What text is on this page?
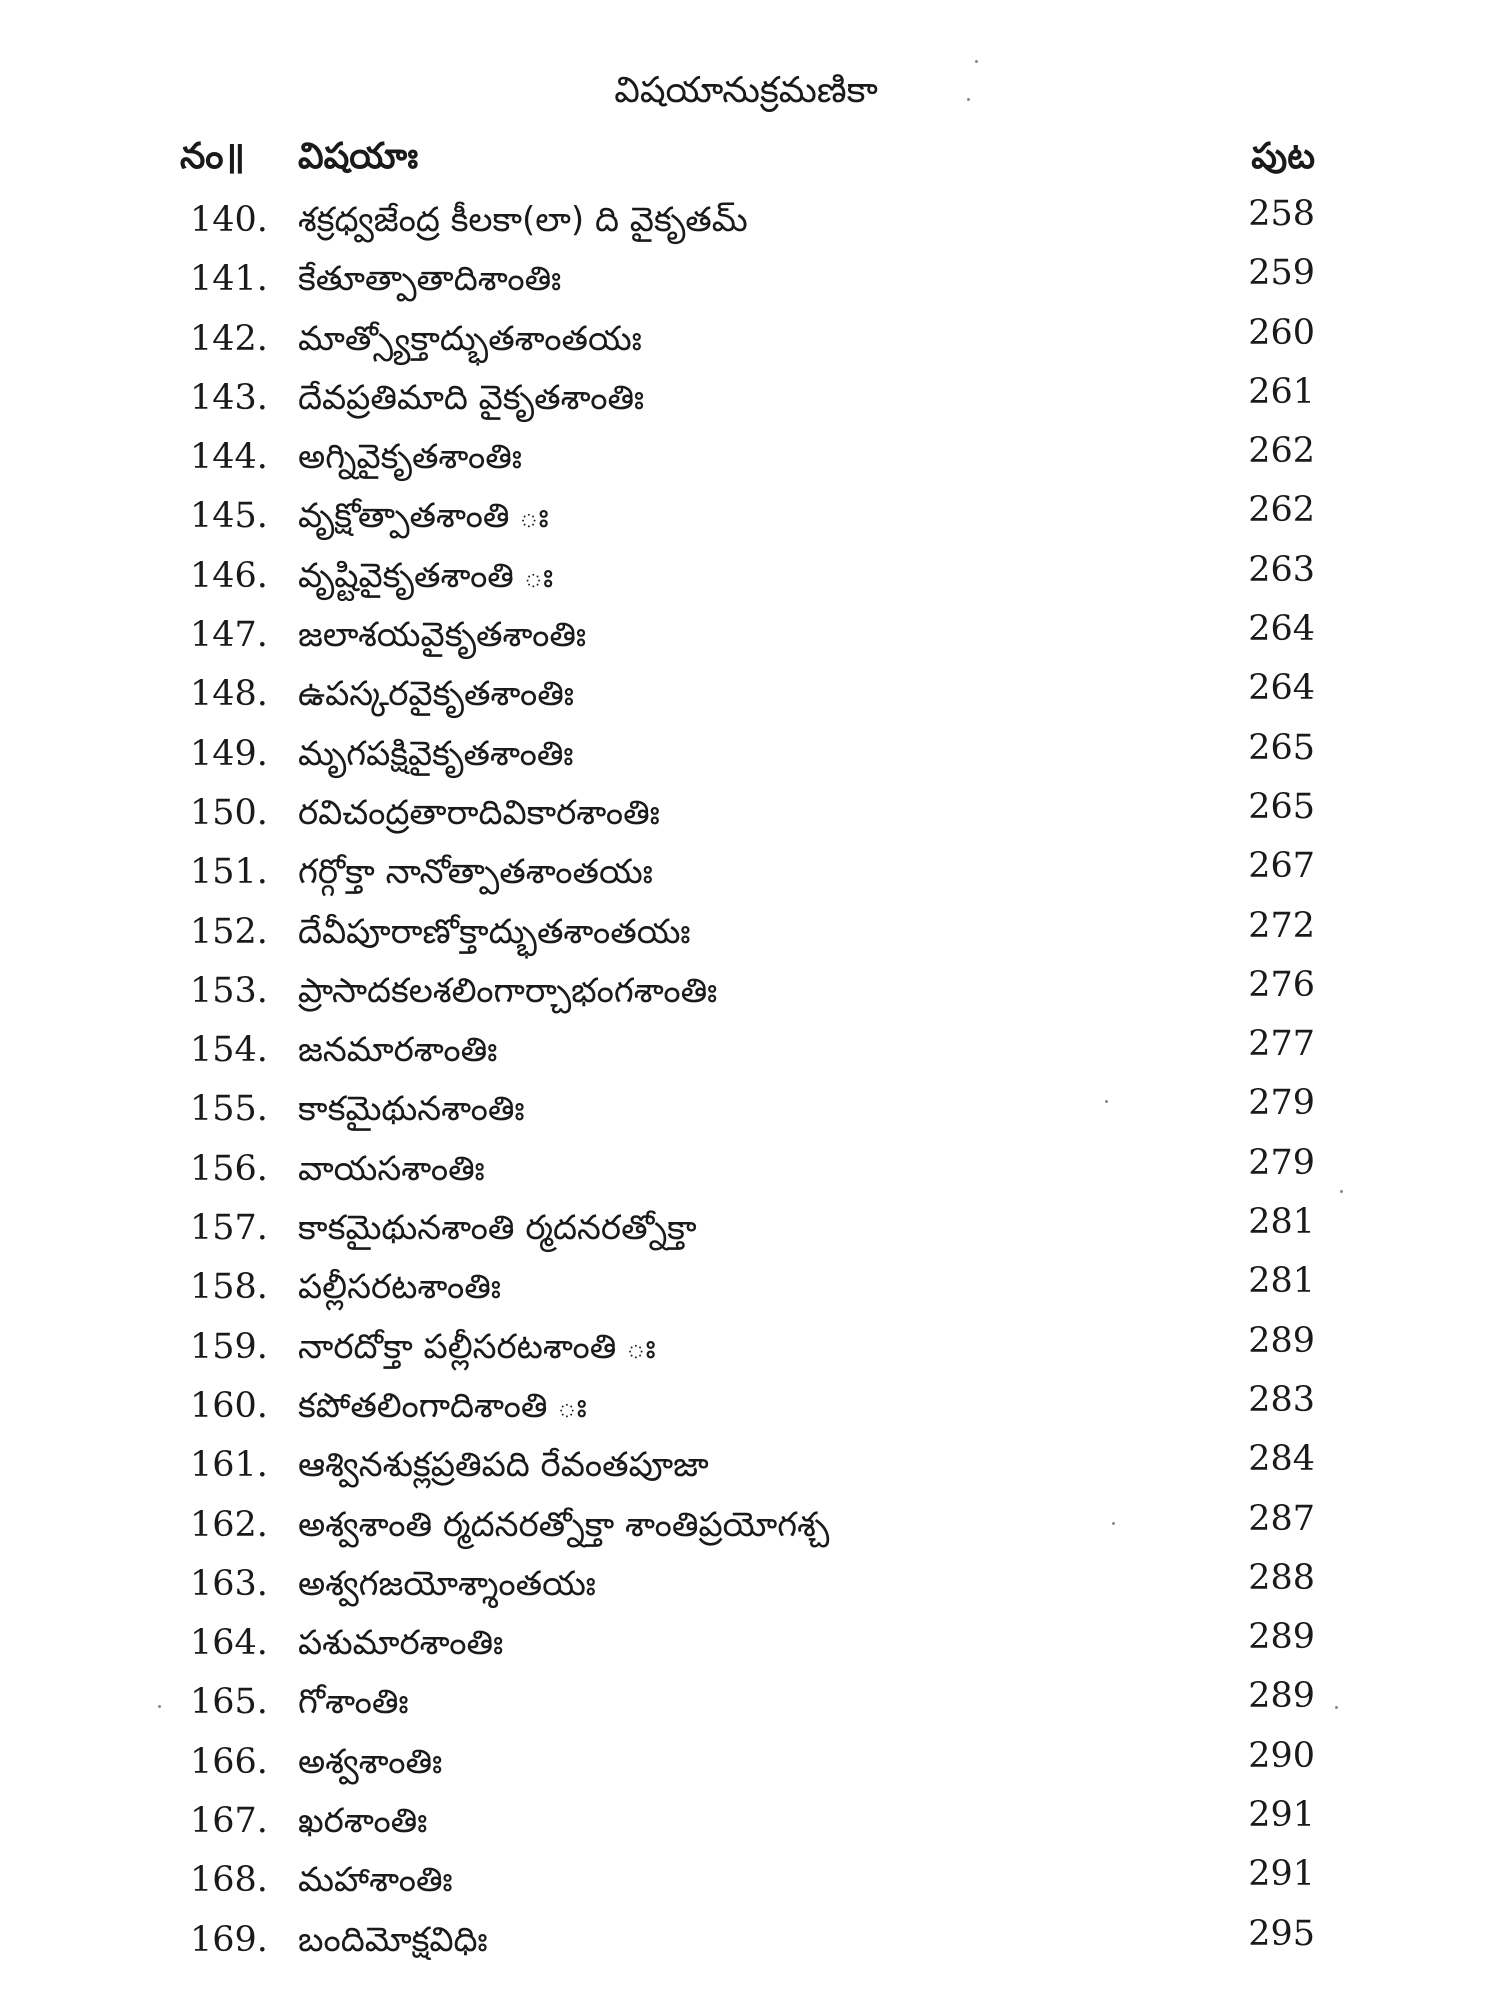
విషయానుక్రమణికా
నం॥ విషయాః	పుట
140. శక్రధ్వజేంద్ర కీలకా(లా) ది వైకృతమ్	258
141. కేతూత్పాతాదిశాంతిః	259
142. మాత్స్యోక్తాద్భుతశాంతయః	260
143. దేవప్రతిమాది వైకృతశాంతిః	261
144. అగ్నివైకృతశాంతిః	262
145. వృక్షోత్పాతశాంతి ః	262
146. వృష్టివైకృతశాంతి ః	263
147. జలాశయవైకృతశాంతిః	264
148. ఉపస్కరవైకృతశాంతిః	264
149. మృగపక్షివైకృతశాంతిః	265
150. రవిచంద్రతారాదివికారశాంతిః	265
151. గర్గోక్తా నానోత్పాతశాంతయః	267
152. దేవీపూరాణోక్తాద్భుతశాంతయః	272
153. ప్రాసాదకలశలింగార్చాభంగశాంతిః	276
154. జనమారశాంతిః	277
155. కాకమైథునశాంతిః	279
156. వాయసశాంతిః	279
157. కాకమైథునశాంతి ర్మదనరత్నోక్తా	281
158. పల్లీసరటశాంతిః	281
159. నారదోక్తా పల్లీసరటశాంతి ః	289
160. కపోతలింగాదిశాంతి ః	283
161. ఆశ్వినశుక్లప్రతిపది రేవంతపూజా	284
162. అశ్వశాంతి ర్మదనరత్నోక్తా శాంతిప్రయోగశ్చ	287
163. అశ్వగజయోశ్శాంతయః	288
164. పశుమారశాంతిః	289
165. గోశాంతిః	289
166. అశ్వశాంతిః	290
167. ఖరశాంతిః	291
168. మహాశాంతిః	291
169. బందిమోక్షవిధిః	295
